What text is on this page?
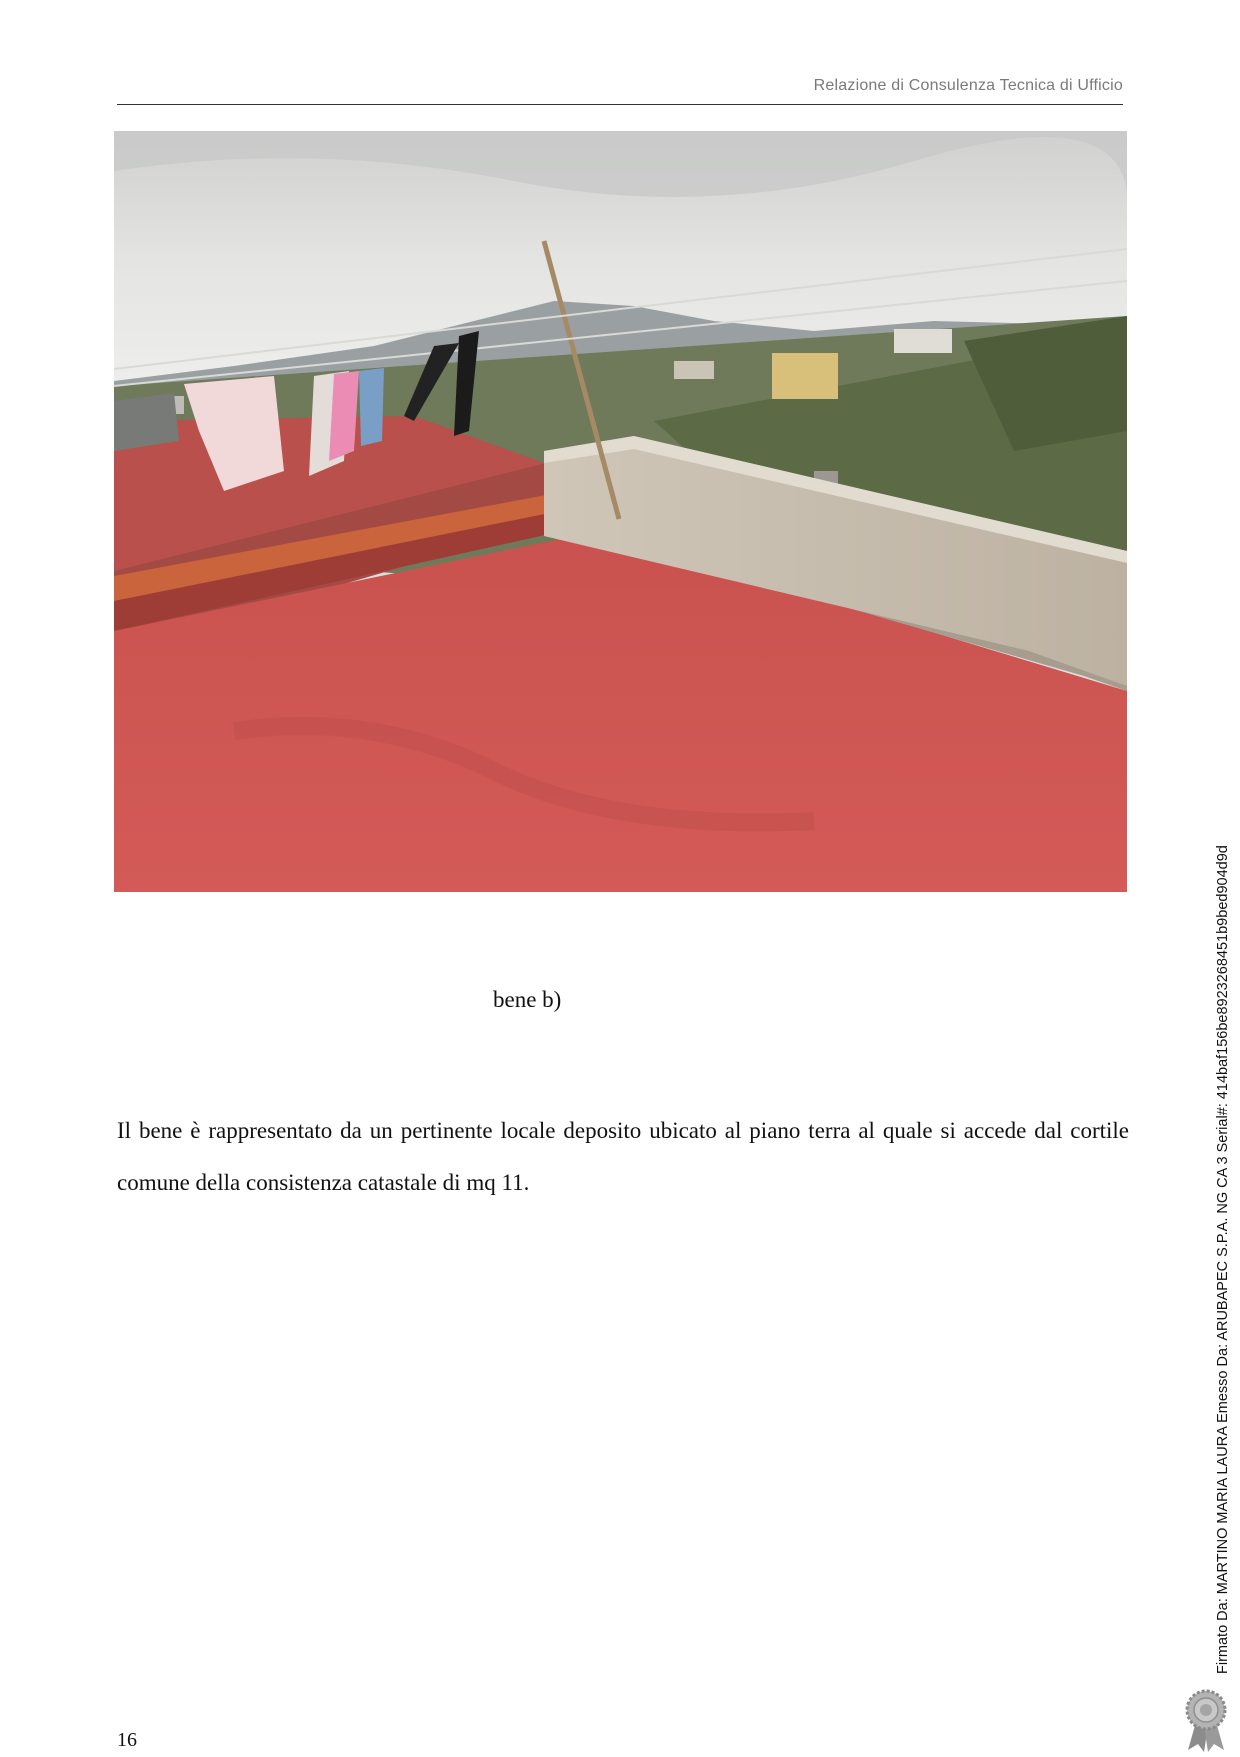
Relazione di Consulenza Tecnica di Ufficio
bene b)

Il bene è rappresentato da un pertinente locale deposito ubicato al piano terra al quale si accede dal cortile comune della consistenza catastale di mq 11.

16
Firmato Da: MARTINO MARIA LAURA Emesso Da: ARUBAPEC S.P.A. NG CA 3 Serial#: 414baf156be8923268451b9bed904d9d
